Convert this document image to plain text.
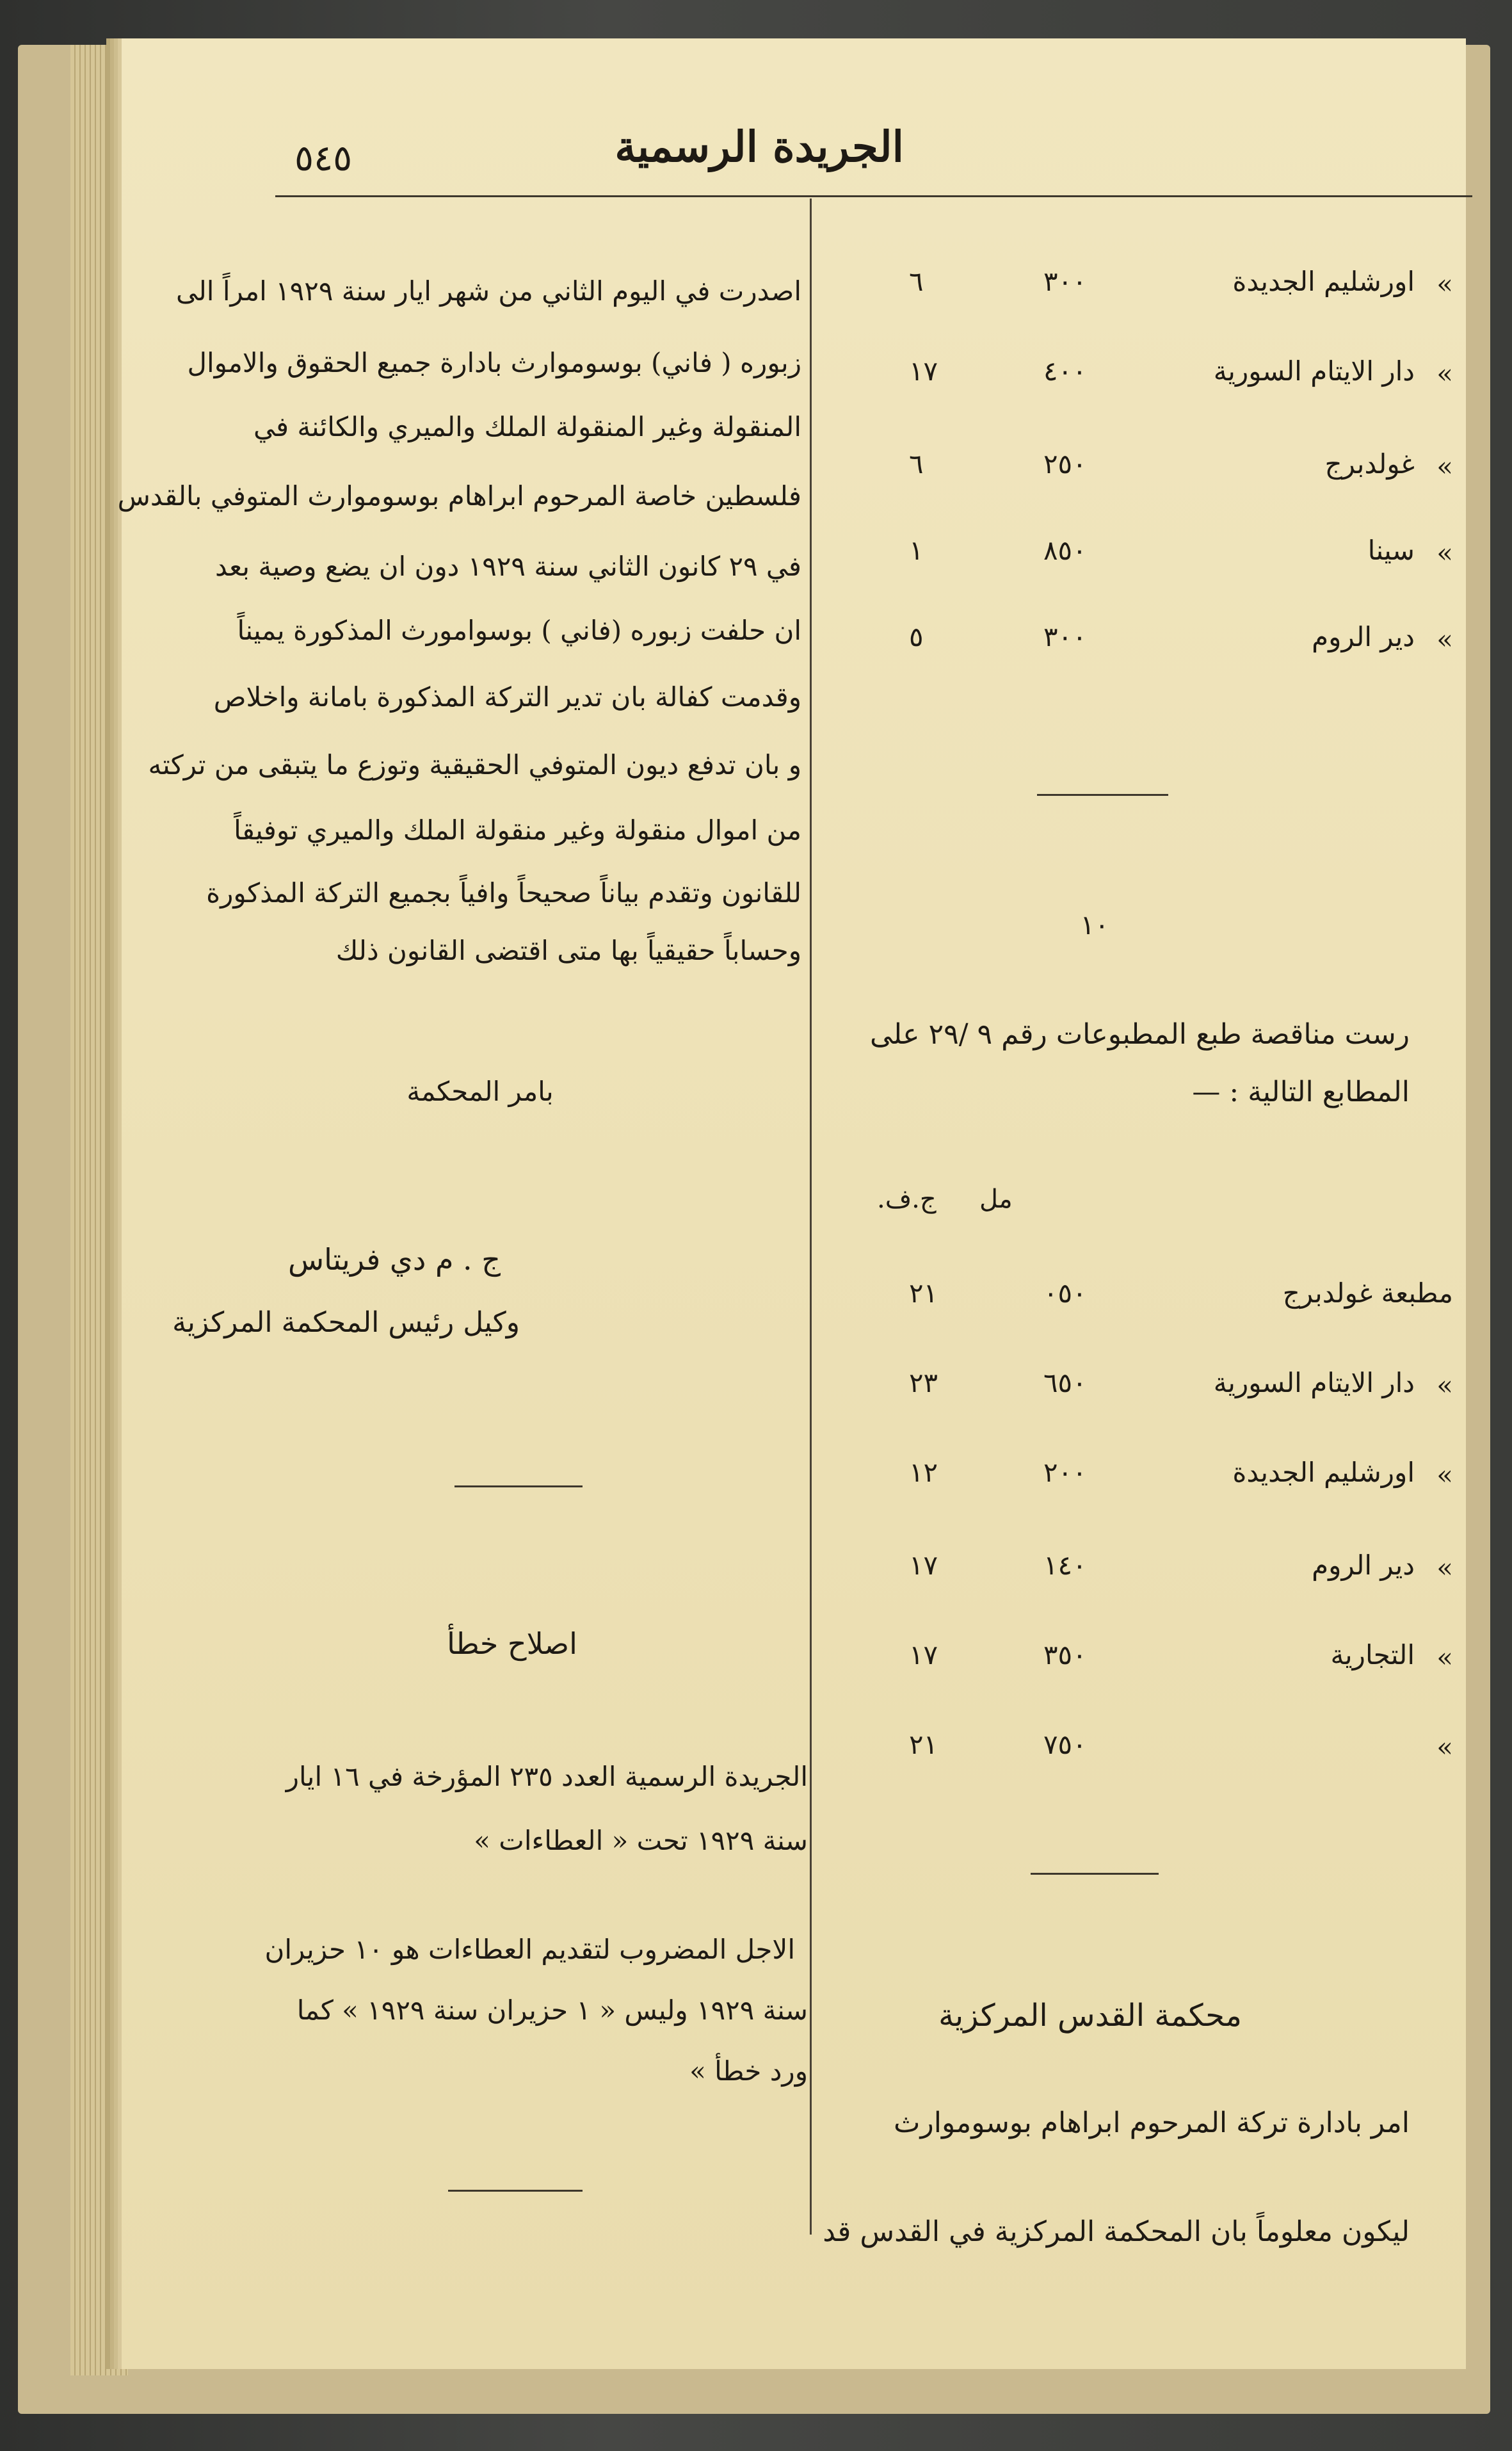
الجريدة الرسمية
٥٤٥
اصدرت في اليوم الثاني من شهر ايار سنة ١٩٢٩ امراً الى
زبوره ( فاني) بوسوموارث بادارة جميع الحقوق والاموال
المنقولة وغير المنقولة الملك والميري والكائنة في
فلسطين خاصة المرحوم ابراهام بوسوموارث المتوفي بالقدس
في ٢٩ كانون الثاني سنة ١٩٢٩ دون ان يضع وصية بعد
ان حلفت زبوره (فاني ) بوسوامورث المذكورة يميناً
وقدمت كفالة بان تدير التركة المذكورة بامانة واخلاص
و بان تدفع ديون المتوفي الحقيقية وتوزع ما يتبقى من تركته
من اموال منقولة وغير منقولة الملك والميري توفيقاً
للقانون وتقدم بياناً صحيحاً وافياً بجميع التركة المذكورة
وحساباً حقيقياً بها متى اقتضى القانون ذلك
بامر المحكمة
ج . م دي فريتاس
وكيل رئيس المحكمة المركزية
اصلاح خطأ
الجريدة الرسمية العدد ٢٣٥ المؤرخة في ١٦ ايار
سنة ١٩٢٩ تحت « العطاءات »
الاجل المضروب لتقديم العطاءات هو ١٠ حزيران
سنة ١٩٢٩ وليس « ١ حزيران سنة ١٩٢٩ » كما
ورد خطأ »
»
اورشليم الجديدة
٣٠٠
٦
»
دار الايتام السورية
٤٠٠
١٧
»
غولدبرج
٢٥٠
٦
»
سينا
٨٥٠
١
»
دير الروم
٣٠٠
٥
١٠
رست مناقصة طبع المطبوعات رقم ٩ /٢٩ على
المطابع التالية : —
مل
ج.ف.
مطبعة غولدبرج
٠٥٠
٢١
»
دار الايتام السورية
٦٥٠
٢٣
»
اورشليم الجديدة
٢٠٠
١٢
»
دير الروم
١٤٠
١٧
»
التجارية
٣٥٠
١٧
»
٧٥٠
٢١
محكمة القدس المركزية
امر بادارة تركة المرحوم ابراهام بوسوموارث
ليكون معلوماً بان المحكمة المركزية في القدس قد
